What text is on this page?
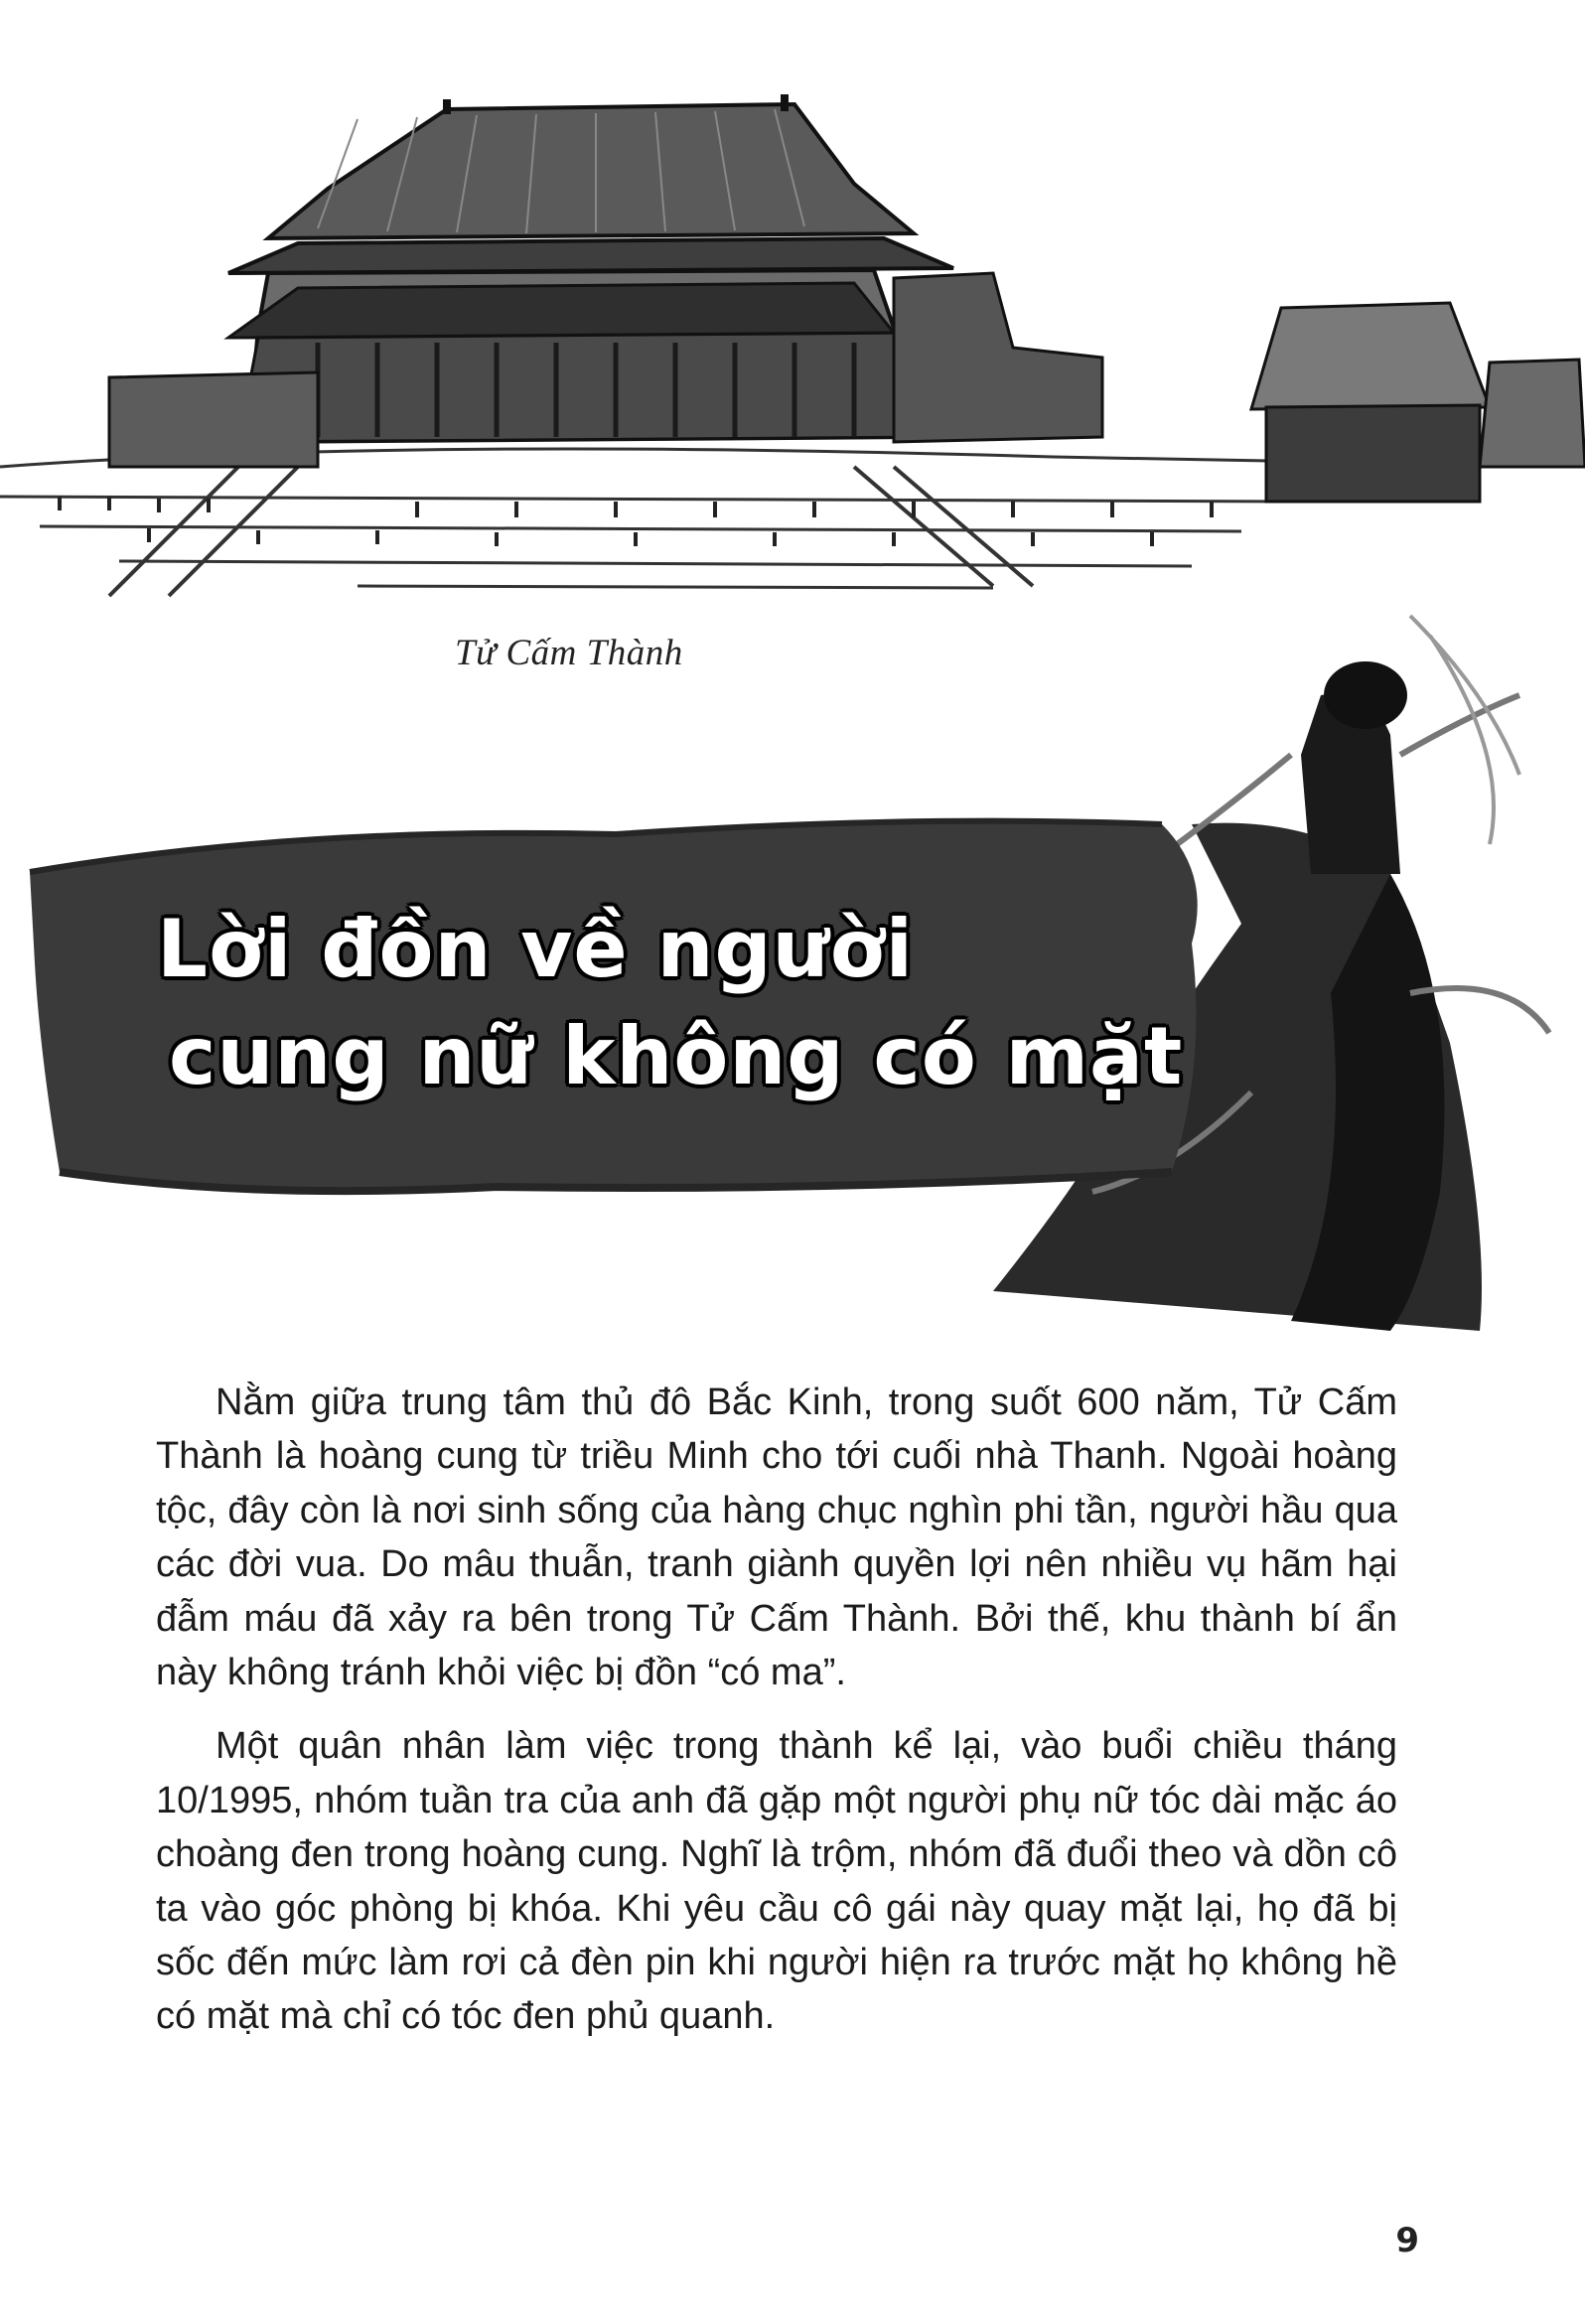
Tử Cấm Thành
Lời đồn về người
cung nữ không có mặt

Nằm giữa trung tâm thủ đô Bắc Kinh, trong suốt 600 năm, Tử Cấm Thành là hoàng cung từ triều Minh cho tới cuối nhà Thanh. Ngoài hoàng tộc, đây còn là nơi sinh sống của hàng chục nghìn phi tần, người hầu qua các đời vua. Do mâu thuẫn, tranh giành quyền lợi nên nhiều vụ hãm hại đẫm máu đã xảy ra bên trong Tử Cấm Thành. Bởi thế, khu thành bí ẩn này không tránh khỏi việc bị đồn “có ma”.

Một quân nhân làm việc trong thành kể lại, vào buổi chiều tháng 10/1995, nhóm tuần tra của anh đã gặp một người phụ nữ tóc dài mặc áo choàng đen trong hoàng cung. Nghĩ là trộm, nhóm đã đuổi theo và dồn cô ta vào góc phòng bị khóa. Khi yêu cầu cô gái này quay mặt lại, họ đã bị sốc đến mức làm rơi cả đèn pin khi người hiện ra trước mặt họ không hề có mặt mà chỉ có tóc đen phủ quanh.

9
